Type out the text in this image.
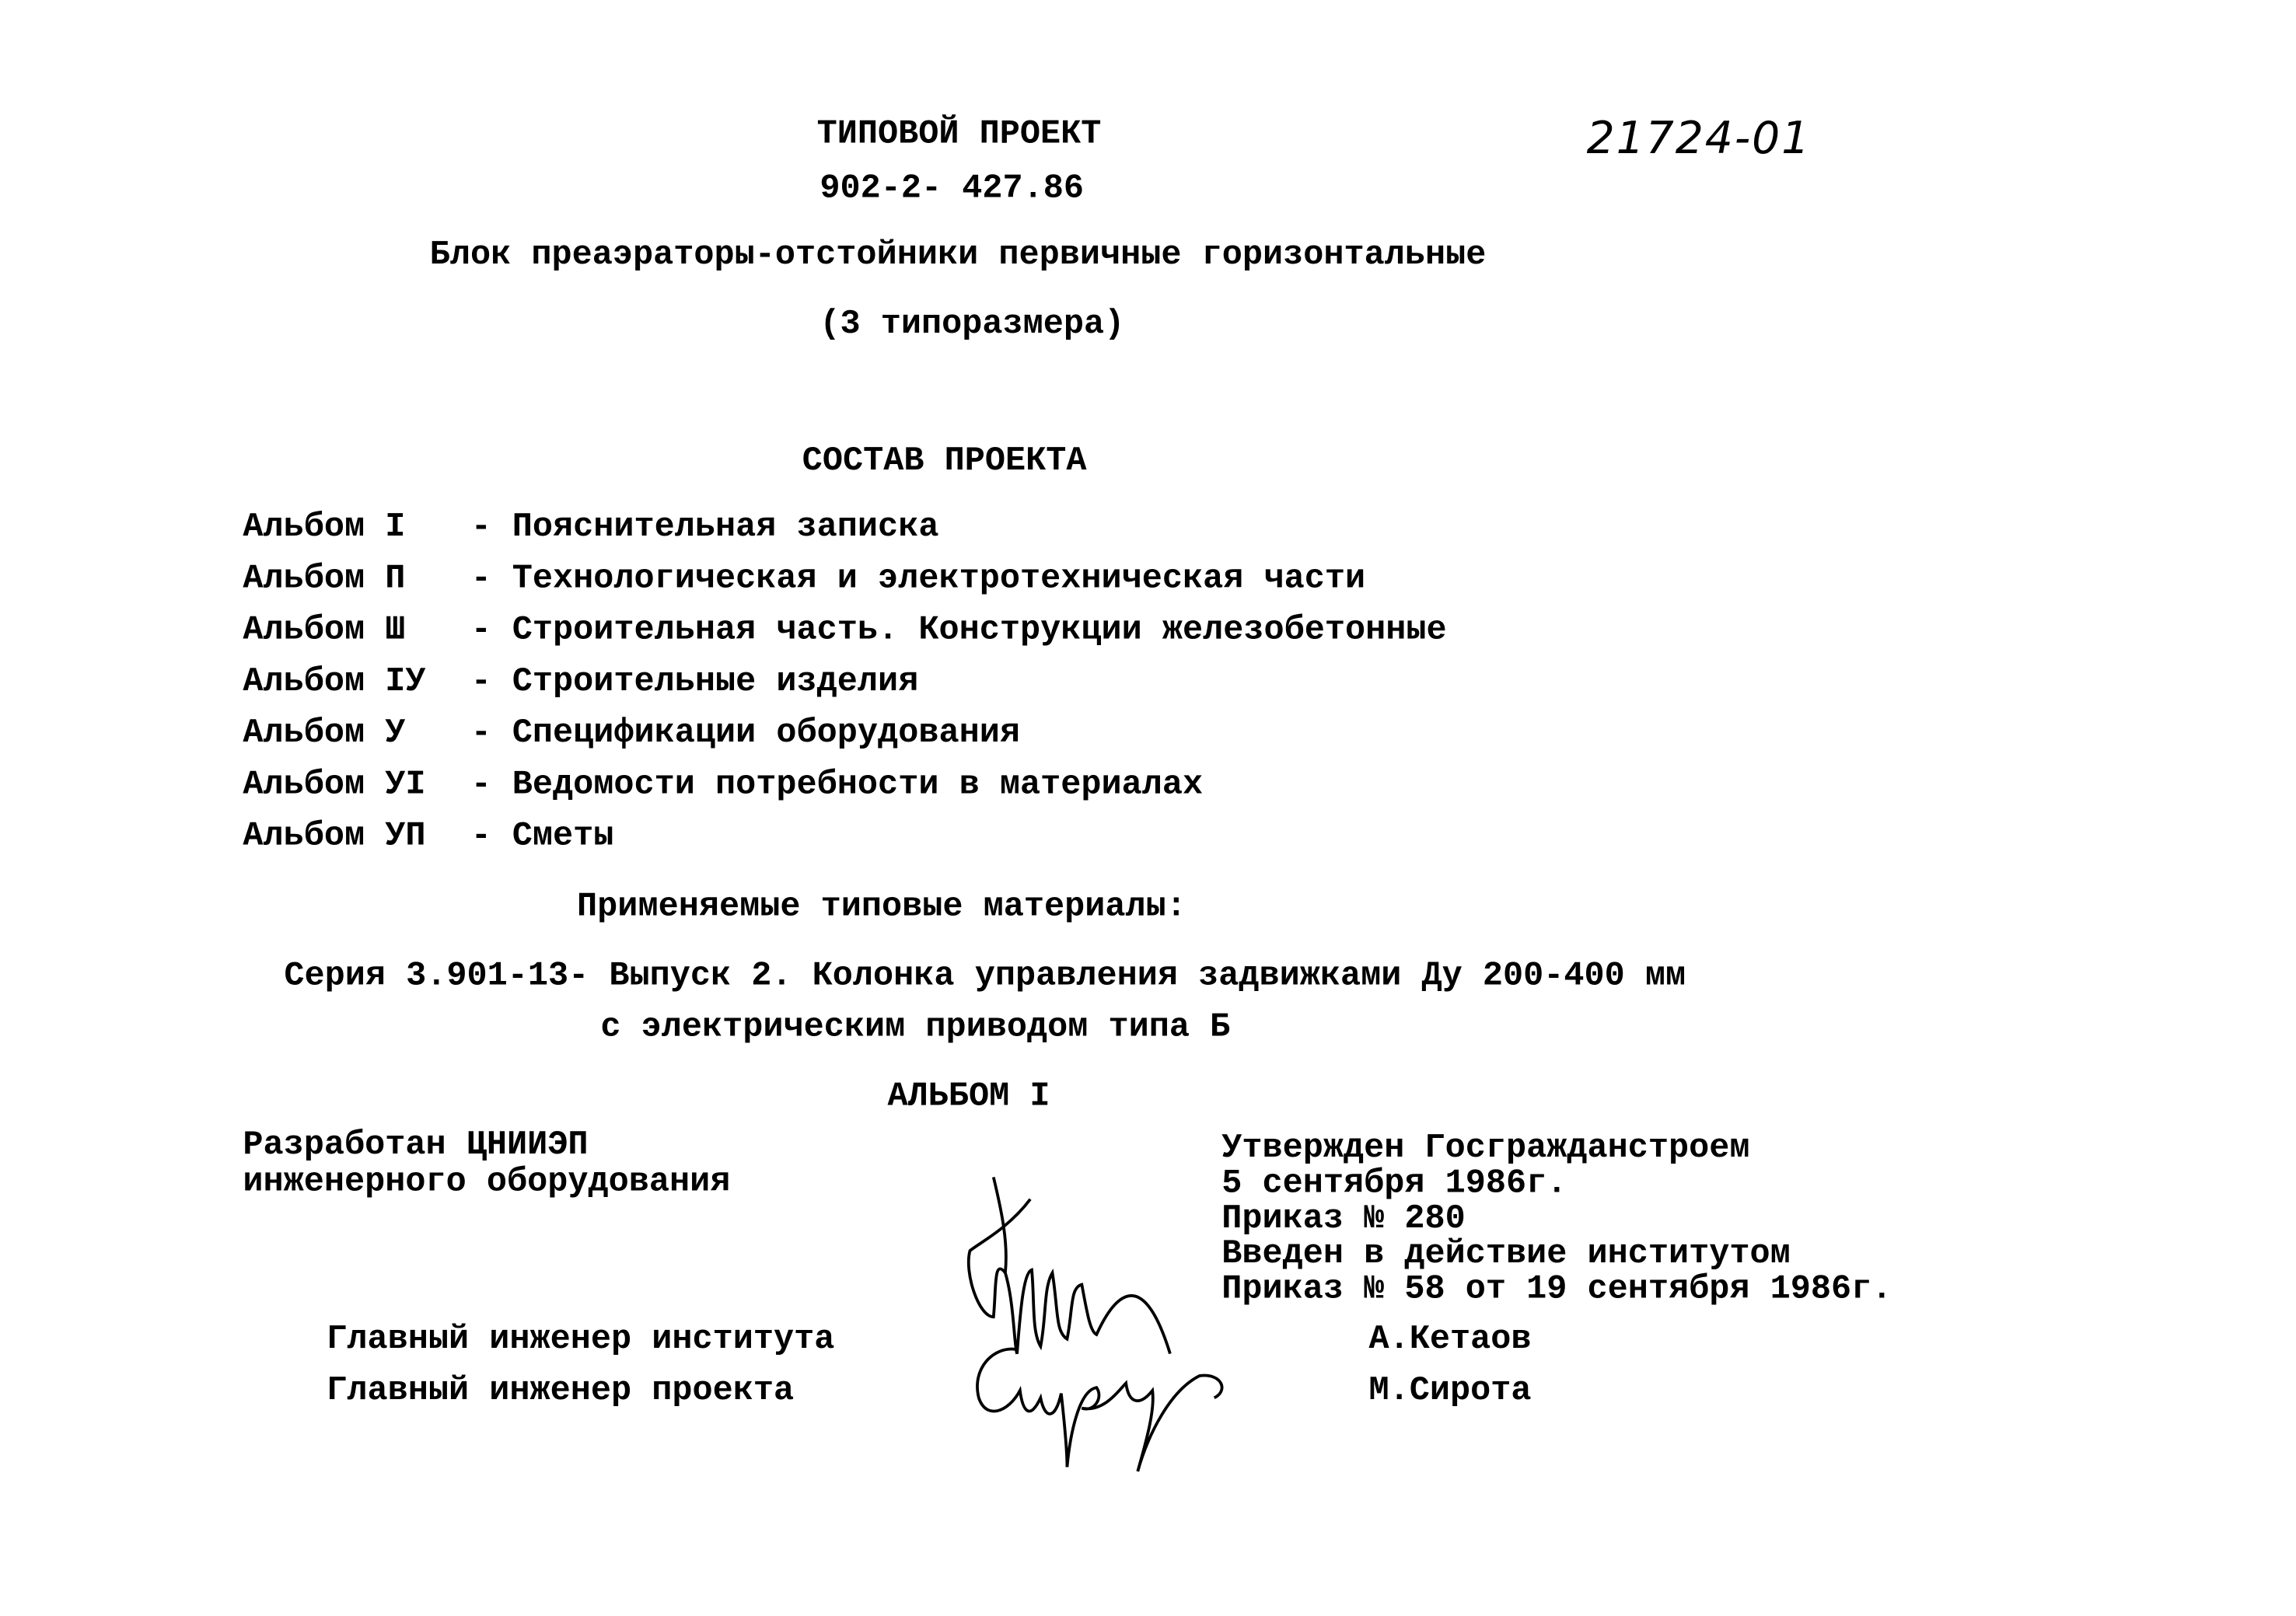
ТИПОВОЙ ПРОЕКТ
902-2- 427.86
21724-01
Блок преаэраторы-отстойники первичные горизонтальные
(3 типоразмера)
СОСТАВ ПРОЕКТА
Альбом I	- Пояснительная записка
Альбом П	- Технологическая и электротехническая части
Альбом Ш	- Строительная часть. Конструкции железобетонные
Альбом IУ	- Строительные изделия
Альбом У	- Спецификации оборудования
Альбом УI	- Ведомости потребности в материалах
Альбом УП	- Сметы
Применяемые типовые материалы:
Серия 3.901-13- Выпуск 2. Колонка управления задвижками Ду 200-400 мм
с электрическим приводом типа Б
АЛЬБОМ I
Разработан ЦНИИЭП
инженерного оборудования
Утвержден Госгражданстроем
5 сентября 1986г.
Приказ № 280
Введен в действие институтом
Приказ № 58 от 19 сентября 1986г.
Главный инженер института	А.Кетаов
Главный инженер проекта	М.Сирота
